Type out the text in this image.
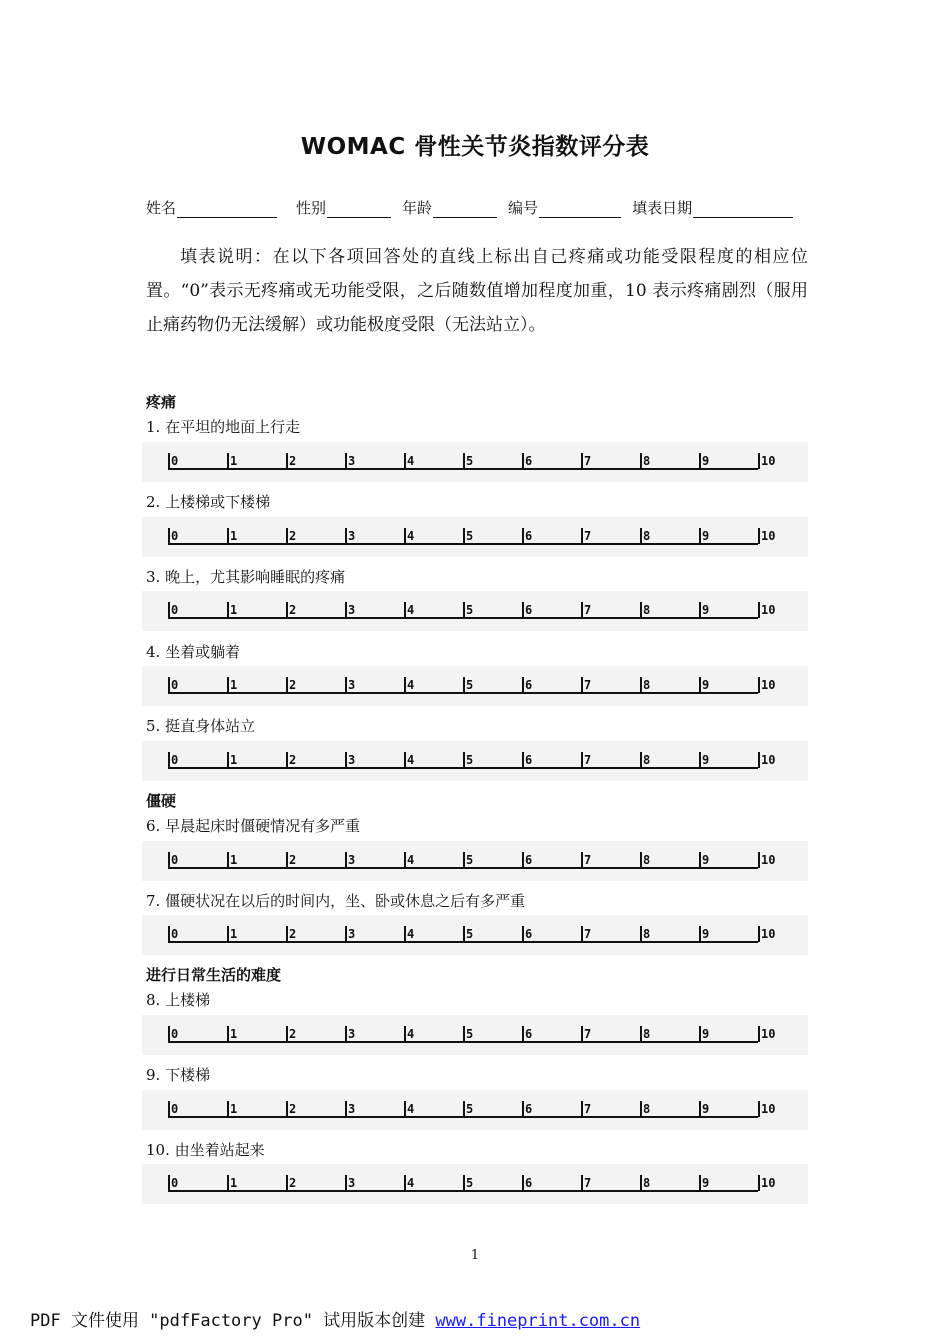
WOMAC 骨性关节炎指数评分表
姓名	性别	年龄	编号	填表日期
填表说明：在以下各项回答处的直线上标出自己疼痛或功能受限程度的相应位置。“0”表示无疼痛或无功能受限，之后随数值增加程度加重，10 表示疼痛剧烈（服用止痛药物仍无法缓解）或功能极度受限（无法站立）。
疼痛
1. 在平坦的地面上行走
0	1	2	3	4	5	6	7	8	9	10
2. 上楼梯或下楼梯
0	1	2	3	4	5	6	7	8	9	10
3. 晚上，尤其影响睡眠的疼痛
0	1	2	3	4	5	6	7	8	9	10
4. 坐着或躺着
0	1	2	3	4	5	6	7	8	9	10
5. 挺直身体站立
0	1	2	3	4	5	6	7	8	9	10
僵硬
6. 早晨起床时僵硬情况有多严重
0	1	2	3	4	5	6	7	8	9	10
7. 僵硬状况在以后的时间内，坐、卧或休息之后有多严重
0	1	2	3	4	5	6	7	8	9	10
进行日常生活的难度
8. 上楼梯
0	1	2	3	4	5	6	7	8	9	10
9. 下楼梯
0	1	2	3	4	5	6	7	8	9	10
10. 由坐着站起来
0	1	2	3	4	5	6	7	8	9	10
1
PDF 文件使用 "pdfFactory Pro" 试用版本创建 www.fineprint.com.cn
